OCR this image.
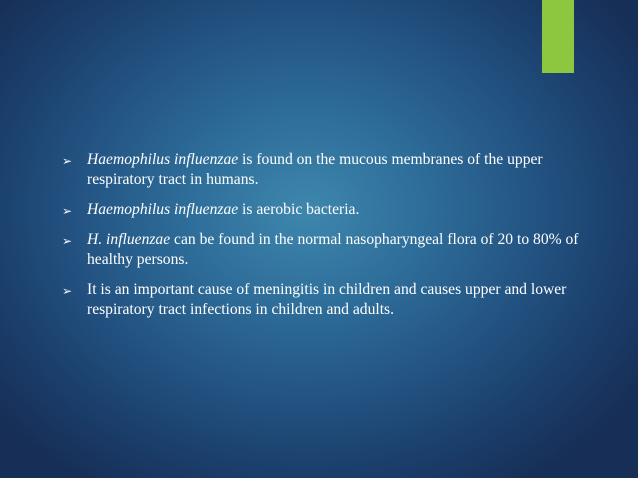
➢ Haemophilus influenzae is found on the mucous membranes of the upper respiratory tract in humans.
➢ Haemophilus influenzae is aerobic bacteria.
➢ H. influenzae can be found in the normal nasopharyngeal flora of 20 to 80% of healthy persons.
➢ It is an important cause of meningitis in children and causes upper and lower respiratory tract infections in children and adults.
